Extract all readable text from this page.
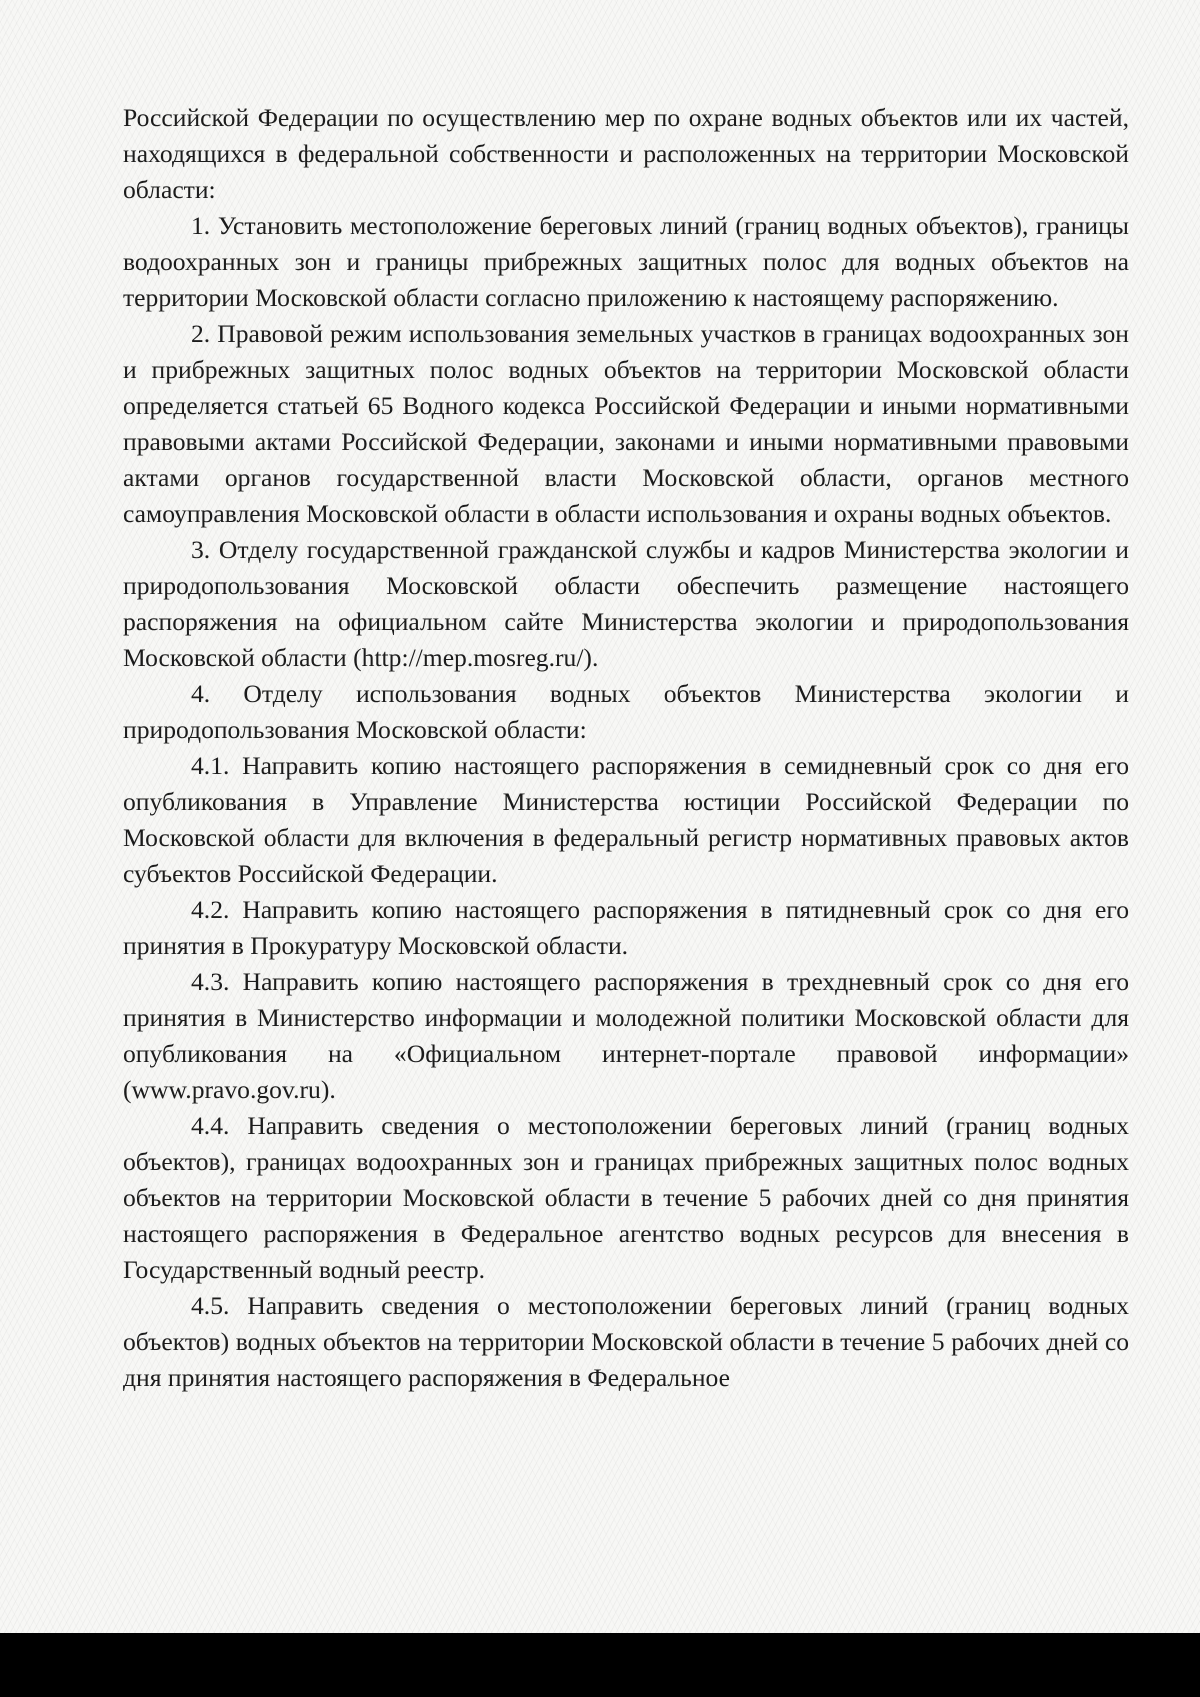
Российской Федерации по осуществлению мер по охране водных объектов или их частей, находящихся в федеральной собственности и расположенных на территории Московской области:

1. Установить местоположение береговых линий (границ водных объектов), границы водоохранных зон и границы прибрежных защитных полос для водных объектов на территории Московской области согласно приложению к настоящему распоряжению.

2. Правовой режим использования земельных участков в границах водоохранных зон и прибрежных защитных полос водных объектов на территории Московской области определяется статьей 65 Водного кодекса Российской Федерации и иными нормативными правовыми актами Российской Федерации, законами и иными нормативными правовыми актами органов государственной власти Московской области, органов местного самоуправления Московской области в области использования и охраны водных объектов.

3. Отделу государственной гражданской службы и кадров Министерства экологии и природопользования Московской области обеспечить размещение настоящего распоряжения на официальном сайте Министерства экологии и природопользования Московской области (http://mep.mosreg.ru/).

4. Отделу использования водных объектов Министерства экологии и природопользования Московской области:

4.1. Направить копию настоящего распоряжения в семидневный срок со дня его опубликования в Управление Министерства юстиции Российской Федерации по Московской области для включения в федеральный регистр нормативных правовых актов субъектов Российской Федерации.

4.2. Направить копию настоящего распоряжения в пятидневный срок со дня его принятия в Прокуратуру Московской области.

4.3. Направить копию настоящего распоряжения в трехдневный срок со дня его принятия в Министерство информации и молодежной политики Московской области для опубликования на «Официальном интернет-портале правовой информации» (www.pravo.gov.ru).

4.4. Направить сведения о местоположении береговых линий (границ водных объектов), границах водоохранных зон и границах прибрежных защитных полос водных объектов на территории Московской области в течение 5 рабочих дней со дня принятия настоящего распоряжения в Федеральное агентство водных ресурсов для внесения в Государственный водный реестр.

4.5. Направить сведения о местоположении береговых линий (границ водных объектов) водных объектов на территории Московской области в течение 5 рабочих дней со дня принятия настоящего распоряжения в Федеральное
